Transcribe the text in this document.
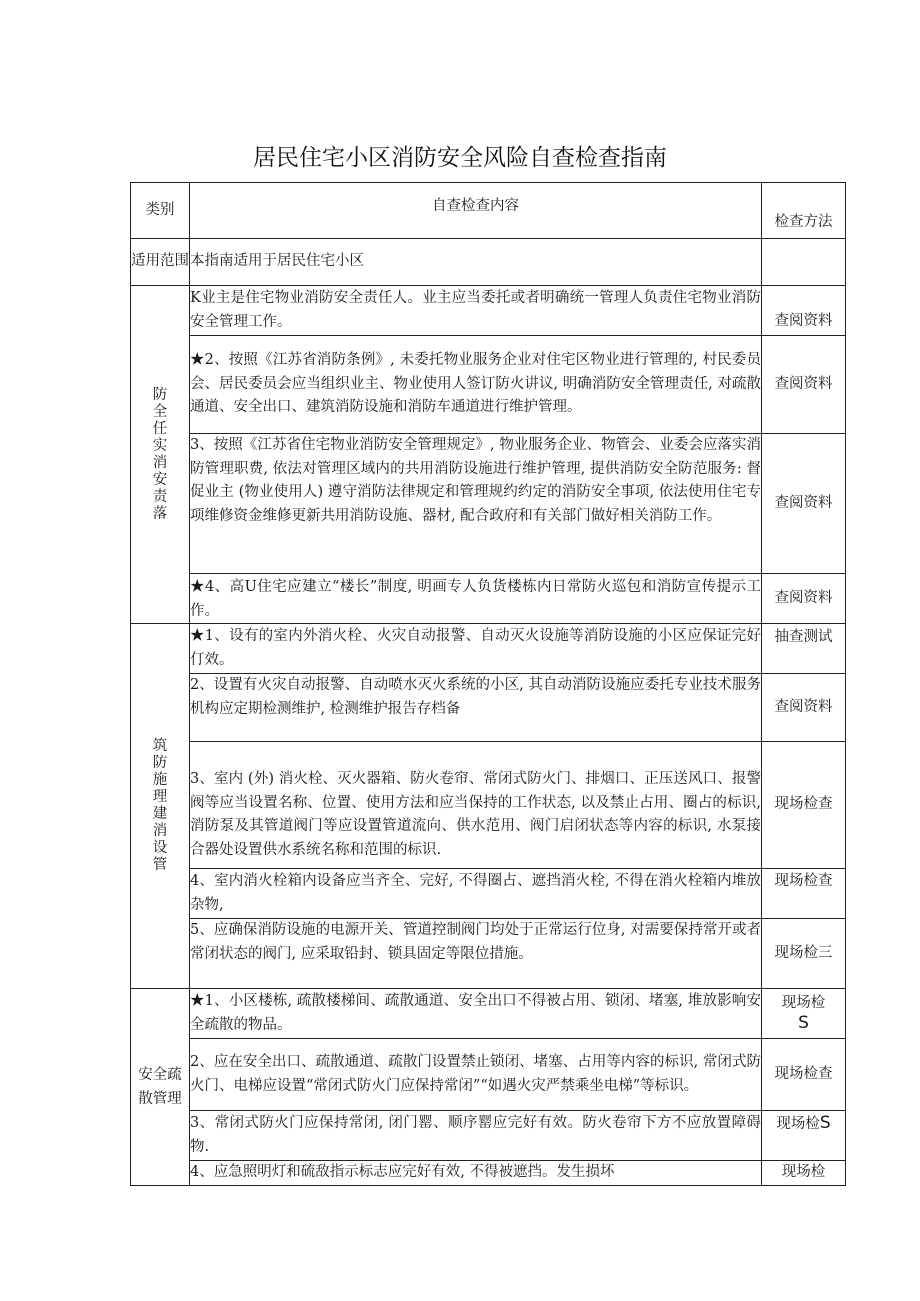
居民住宅小区消防安全风险自查检查指南
类别	自查检查内容	检查方法

适用范围	本指南适用于居民住宅小区	

防全任实消安责落	K业主是住宅物业消防安全责任人。业主应当委托或者明确统一管理人负责住宅物业消防安全管理工作。	查阅资料
	★2、按照《江苏省消防条例》, 未委托物业服务企业对住宅区物业进行管理的, 村民委员会、居民委员会应当组织业主、物业使用人签订防火讲议, 明确消防安全管理责任, 对疏散通道、安全出口、建筑消防设施和消防车通道进行维护管理。	查阅资料
	3、按照《江苏省住宅物业消防安全管理规定》, 物业服务企业、物管会、业委会应落实消防管理职费, 依法对管理区域内的共用消防设施进行维护管理, 提供消防安全防范服务: 督促业主 (物业使用人) 遵守消防法律规定和管理规约约定的消防安全事项, 依法使用住宅专项维修资金维修更新共用消防设施、器材, 配合政府和有关部门做好相关消防工作。	查阅资料
	★4、高U住宅应建立“楼长”制度, 明画专人负货楼栋内日常防火巡包和消防宣传提示工作。	查阅资料

筑防施理建消设管	★1、设有的室内外消火栓、火灾自动报警、自动灭火设施等消防设施的小区应保证完好仃效。	抽查测试
	2、设置有火灾自动报警、自动喷水灭火系统的小区, 其自动消防设施应委托专业技术服务机构应定期检测维护, 检测维护报告存档备	查阅资料
	3、室内 (外) 消火栓、灭火器箱、防火卷帘、常闭式防火门、排烟口、正压送风口、报警阀等应当设置名称、位置、使用方法和应当保持的工作状态, 以及禁止占用、圈占的标识, 消防泵及其管道阀门等应设置管道流向、供水范用、阀门启闭状态等内容的标识, 水泵接合器处设置供水系统名称和范围的标识.	现场检查
	4、室内消火栓箱内设备应当齐全、完好, 不得圈占、遮挡消火栓, 不得在消火栓箱内堆放杂物,	现场检查
	5、应确保消防设施的电源开关、管道控制阀门均处于正常运行位身, 对需要保持常开或者常闭状态的阀门, 应采取铅封、锁具固定等限位措施。	现场检三

安全疏散管理	★1、小区楼栋, 疏散楼梯间、疏散通道、安全出口不得被占用、锁闭、堵塞, 堆放影响安全疏散的物品。	现场检
S
	2、应在安全出口、疏散通道、疏散门设置禁止锁闭、堵塞、占用等内容的标识, 常闭式防火门、电梯应设置“常闭式防火门应保持常闭”“如遇火灾严禁乘坐电梯”等标识。	现场检查
	3、常闭式防火门应保持常闭, 闭门罂、顺序罂应完好有效。防火卷帘下方不应放置障碍物.	现场检S
	4、应急照明灯和硫敌指示标志应完好有效, 不得被遮挡。发生损坏	现场检
